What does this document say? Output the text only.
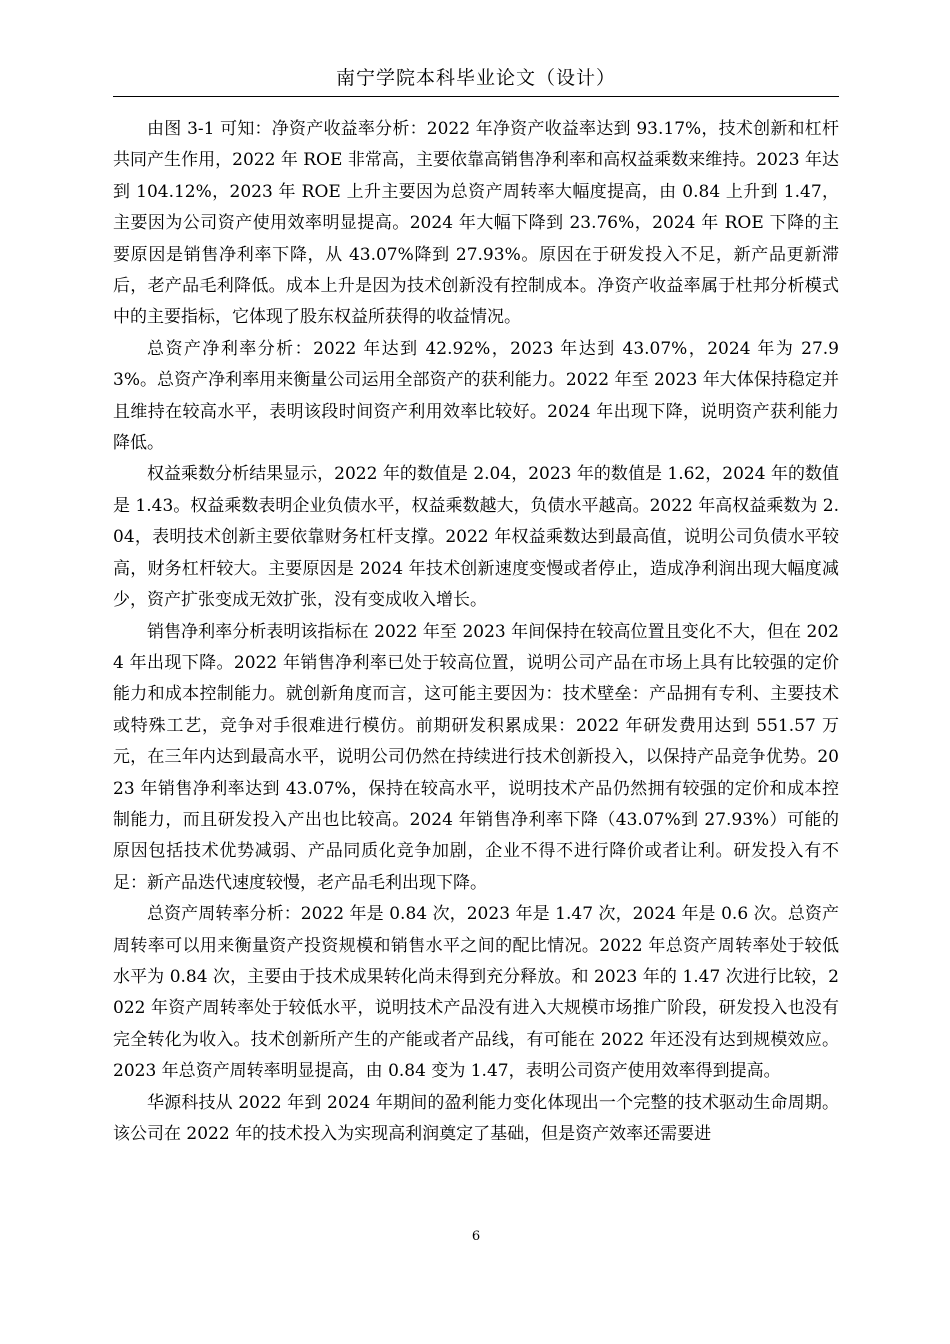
南宁学院本科毕业论文（设计）

由图 3-1 可知：净资产收益率分析：2022 年净资产收益率达到 93.17%，技术创新和杠杆共同产生作用，2022 年 ROE 非常高，主要依靠高销售净利率和高权益乘数来维持。2023 年达到 104.12%，2023 年 ROE 上升主要因为总资产周转率大幅度提高，由 0.84 上升到 1.47，主要因为公司资产使用效率明显提高。2024 年大幅下降到 23.76%，2024 年 ROE 下降的主要原因是销售净利率下降，从 43.07%降到 27.93%。原因在于研发投入不足，新产品更新滞后，老产品毛利降低。成本上升是因为技术创新没有控制成本。净资产收益率属于杜邦分析模式中的主要指标，它体现了股东权益所获得的收益情况。

总资产净利率分析：2022 年达到 42.92%，2023 年达到 43.07%，2024 年为 27.93%。总资产净利率用来衡量公司运用全部资产的获利能力。2022 年至 2023 年大体保持稳定并且维持在较高水平，表明该段时间资产利用效率比较好。2024 年出现下降，说明资产获利能力降低。

权益乘数分析结果显示，2022 年的数值是 2.04，2023 年的数值是 1.62，2024 年的数值是 1.43。权益乘数表明企业负债水平，权益乘数越大，负债水平越高。2022 年高权益乘数为 2.04，表明技术创新主要依靠财务杠杆支撑。2022 年权益乘数达到最高值，说明公司负债水平较高，财务杠杆较大。主要原因是 2024 年技术创新速度变慢或者停止，造成净利润出现大幅度减少，资产扩张变成无效扩张，没有变成收入增长。

销售净利率分析表明该指标在 2022 年至 2023 年间保持在较高位置且变化不大，但在 2024 年出现下降。2022 年销售净利率已处于较高位置，说明公司产品在市场上具有比较强的定价能力和成本控制能力。就创新角度而言，这可能主要因为：技术壁垒：产品拥有专利、主要技术或特殊工艺，竞争对手很难进行模仿。前期研发积累成果：2022 年研发费用达到 551.57 万元，在三年内达到最高水平，说明公司仍然在持续进行技术创新投入，以保持产品竞争优势。2023 年销售净利率达到 43.07%，保持在较高水平，说明技术产品仍然拥有较强的定价和成本控制能力，而且研发投入产出也比较高。2024 年销售净利率下降（43.07%到 27.93%）可能的原因包括技术优势减弱、产品同质化竞争加剧，企业不得不进行降价或者让利。研发投入有不足：新产品迭代速度较慢，老产品毛利出现下降。

总资产周转率分析：2022 年是 0.84 次，2023 年是 1.47 次，2024 年是 0.6 次。总资产周转率可以用来衡量资产投资规模和销售水平之间的配比情况。2022 年总资产周转率处于较低水平为 0.84 次，主要由于技术成果转化尚未得到充分释放。和 2023 年的 1.47 次进行比较，2022 年资产周转率处于较低水平，说明技术产品没有进入大规模市场推广阶段，研发投入也没有完全转化为收入。技术创新所产生的产能或者产品线，有可能在 2022 年还没有达到规模效应。2023 年总资产周转率明显提高，由 0.84 变为 1.47，表明公司资产使用效率得到提高。

华源科技从 2022 年到 2024 年期间的盈利能力变化体现出一个完整的技术驱动生命周期。该公司在 2022 年的技术投入为实现高利润奠定了基础，但是资产效率还需要进

6
